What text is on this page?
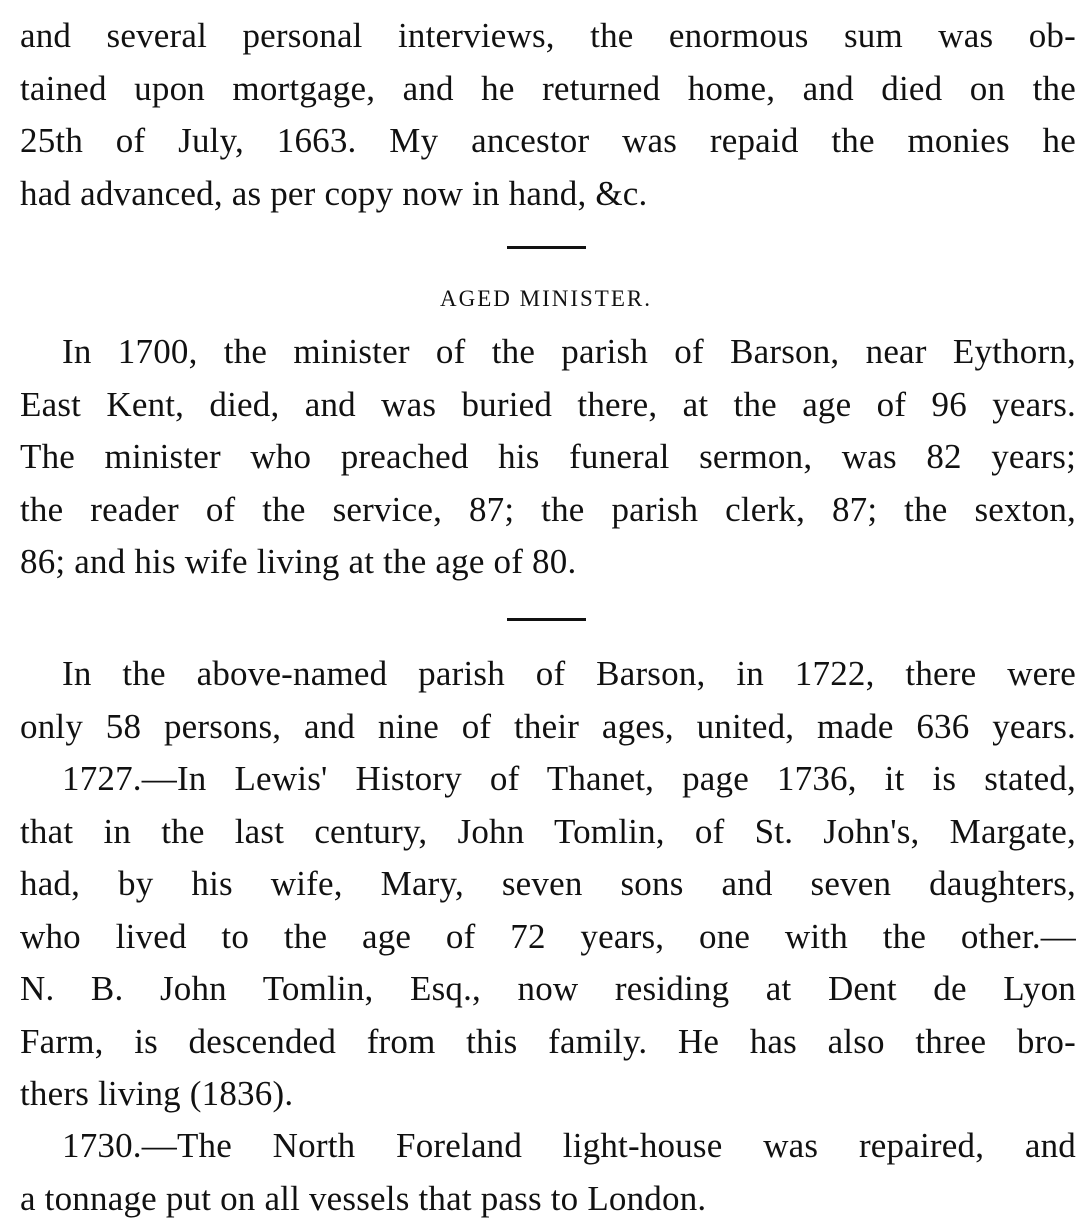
and several personal interviews, the enormous sum was ob-
tained upon mortgage, and he returned home, and died on the
25th of July, 1663. My ancestor was repaid the monies he
had advanced, as per copy now in hand, &c.

AGED MINISTER.

In 1700, the minister of the parish of Barson, near Eythorn,
East Kent, died, and was buried there, at the age of 96 years.
The minister who preached his funeral sermon, was 82 years;
the reader of the service, 87; the parish clerk, 87; the sexton,
86; and his wife living at the age of 80.

In the above-named parish of Barson, in 1722, there were
only 58 persons, and nine of their ages, united, made 636 years.

1727.—In Lewis' History of Thanet, page 1736, it is stated,
that in the last century, John Tomlin, of St. John's, Margate,
had, by his wife, Mary, seven sons and seven daughters,
who lived to the age of 72 years, one with the other.—
N. B. John Tomlin, Esq., now residing at Dent de Lyon
Farm, is descended from this family. He has also three bro-
thers living (1836).

1730.—The North Foreland light-house was repaired, and
a tonnage put on all vessels that pass to London.
